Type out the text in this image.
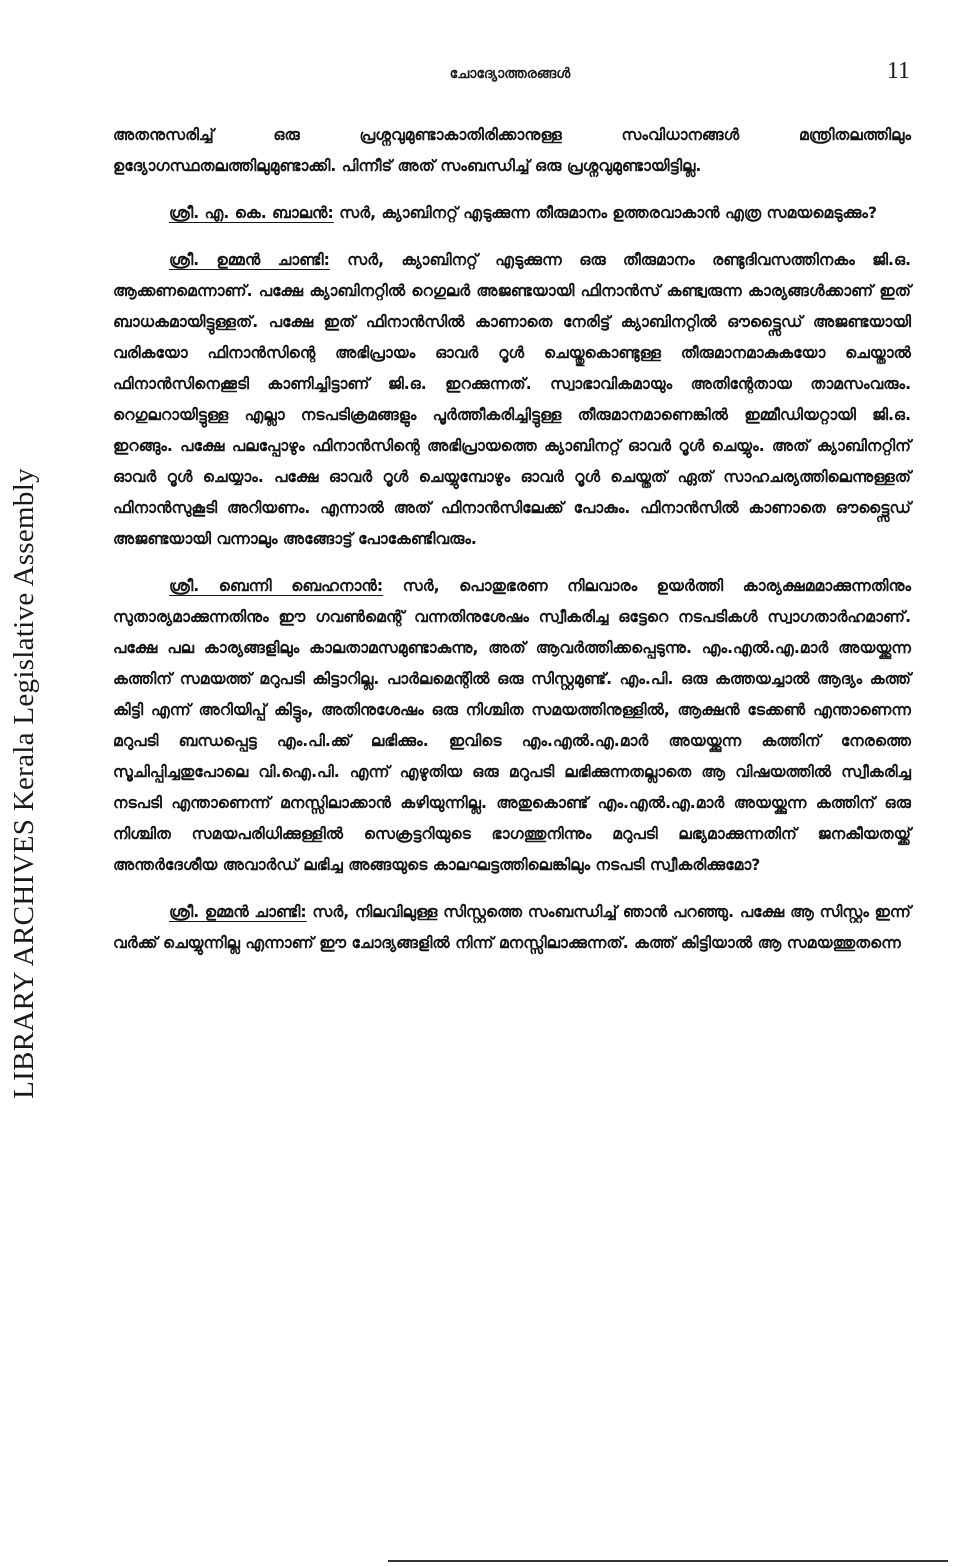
LIBRARY ARCHIVES Kerala Legislative Assembly
ചോദ്യോത്തരങ്ങൾ	11

അതനുസരിച്ച് ഒരു പ്രശ്നവുമുണ്ടാകാതിരിക്കാനുള്ള സംവിധാനങ്ങൾ മന്ത്രിതലത്തിലും ഉദ്യോഗസ്ഥതലത്തിലുമുണ്ടാക്കി. പിന്നീട് അത് സംബന്ധിച്ച് ഒരു പ്രശ്നവുമുണ്ടായിട്ടില്ല.

ശ്രീ. എ. കെ. ബാലൻ: സർ, ക്യാബിനറ്റ് എടുക്കുന്ന തീരുമാനം ഉത്തരവാകാൻ എത്ര സമയമെടുക്കും?

ശ്രീ. ഉമ്മൻ ചാണ്ടി: സർ, ക്യാബിനറ്റ് എടുക്കുന്ന ഒരു തീരുമാനം രണ്ടുദിവസത്തിനകം ജി.ഒ. ആക്കണമെന്നാണ്. പക്ഷേ ക്യാബിനറ്റിൽ റെഗുലർ അജണ്ടയായി ഫിനാൻസ് കണ്ട്വരുന്ന കാര്യങ്ങൾക്കാണ് ഇത് ബാധകമായിട്ടുള്ളത്. പക്ഷേ ഇത് ഫിനാൻസിൽ കാണാതെ നേരിട്ട് ക്യാബിനറ്റിൽ ഔട്ട്സൈഡ് അജണ്ടയായി വരികയോ ഫിനാൻസിന്റെ അഭിപ്രായം ഓവർ റൂൾ ചെയ്തുകൊണ്ടുള്ള തീരുമാനമാകുകയോ ചെയ്താൽ ഫിനാൻസിനെക്കൂടി കാണിച്ചിട്ടാണ് ജി.ഒ. ഇറക്കുന്നത്. സ്വാഭാവികമായും അതിന്റേതായ താമസംവരും. റെഗുലറായിട്ടുള്ള എല്ലാ നടപടിക്രമങ്ങളും പൂർത്തീകരിച്ചിട്ടുള്ള തീരുമാനമാണെങ്കിൽ ഇമ്മീഡിയറ്റായി ജി.ഒ. ഇറങ്ങും. പക്ഷേ പലപ്പോഴും ഫിനാൻസിന്റെ അഭിപ്രായത്തെ ക്യാബിനറ്റ് ഓവർ റൂൾ ചെയ്യും. അത് ക്യാബിനറ്റിന് ഓവർ റൂൾ ചെയ്യാം. പക്ഷേ ഓവർ റൂൾ ചെയ്യുമ്പോഴും ഓവർ റൂൾ ചെയ്തത് ഏത് സാഹചര്യത്തിലെന്നുള്ളത് ഫിനാൻസുകൂടി അറിയണം. എന്നാൽ അത് ഫിനാൻസിലേക്ക് പോകും. ഫിനാൻസിൽ കാണാതെ ഔട്ട്സൈഡ് അജണ്ടയായി വന്നാലും അങ്ങോട്ട് പോകേണ്ടിവരും.

ശ്രീ. ബെന്നി ബെഹനാൻ: സർ, പൊതുഭരണ നിലവാരം ഉയർത്തി കാര്യക്ഷമമാക്കുന്നതിനും സുതാര്യമാക്കുന്നതിനും ഈ ഗവൺമെന്റ് വന്നതിനുശേഷം സ്വീകരിച്ച ഒട്ടേറെ നടപടികൾ സ്വാഗതാർഹമാണ്. പക്ഷേ പല കാര്യങ്ങളിലും കാലതാമസമുണ്ടാകുന്നു, അത് ആവർത്തിക്കപ്പെടുന്നു. എം.എൽ.എ.മാർ അയയ്ക്കുന്ന കത്തിന് സമയത്ത് മറുപടി കിട്ടാറില്ല. പാർലമെന്റിൽ ഒരു സിസ്റ്റമുണ്ട്. എം.പി. ഒരു കത്തയച്ചാൽ ആദ്യം കത്ത് കിട്ടി എന്ന് അറിയിപ്പ് കിട്ടും, അതിനുശേഷം ഒരു നിശ്ചിത സമയത്തിനുള്ളിൽ, ആക്ഷൻ ടേക്കൺ എന്താണെന്ന മറുപടി ബന്ധപ്പെട്ട എം.പി.ക്ക് ലഭിക്കും. ഇവിടെ എം.എൽ.എ.മാർ അയയ്ക്കുന്ന കത്തിന് നേരത്തെ സൂചിപ്പിച്ചതുപോലെ വി.ഐ.പി. എന്ന് എഴുതിയ ഒരു മറുപടി ലഭിക്കുന്നതല്ലാതെ ആ വിഷയത്തിൽ സ്വീകരിച്ച നടപടി എന്താണെന്ന് മനസ്സിലാക്കാൻ കഴിയുന്നില്ല. അതുകൊണ്ട് എം.എൽ.എ.മാർ അയയ്ക്കുന്ന കത്തിന് ഒരു നിശ്ചിത സമയപരിധിക്കുള്ളിൽ സെക്രട്ടറിയുടെ ഭാഗത്തുനിന്നും മറുപടി ലഭ്യമാക്കുന്നതിന് ജനകീയതയ്ക്ക് അന്തർദേശീയ അവാർഡ് ലഭിച്ച അങ്ങയുടെ കാലഘട്ടത്തിലെങ്കിലും നടപടി സ്വീകരിക്കുമോ?

ശ്രീ. ഉമ്മൻ ചാണ്ടി: സർ, നിലവിലുള്ള സിസ്റ്റത്തെ സംബന്ധിച്ച് ഞാൻ പറഞ്ഞു. പക്ഷേ ആ സിസ്റ്റം ഇന്ന് വർക്ക് ചെയ്യുന്നില്ല എന്നാണ് ഈ ചോദ്യങ്ങളിൽ നിന്ന് മനസ്സിലാക്കുന്നത്. കത്ത് കിട്ടിയാൽ ആ സമയത്തുതന്നെ
